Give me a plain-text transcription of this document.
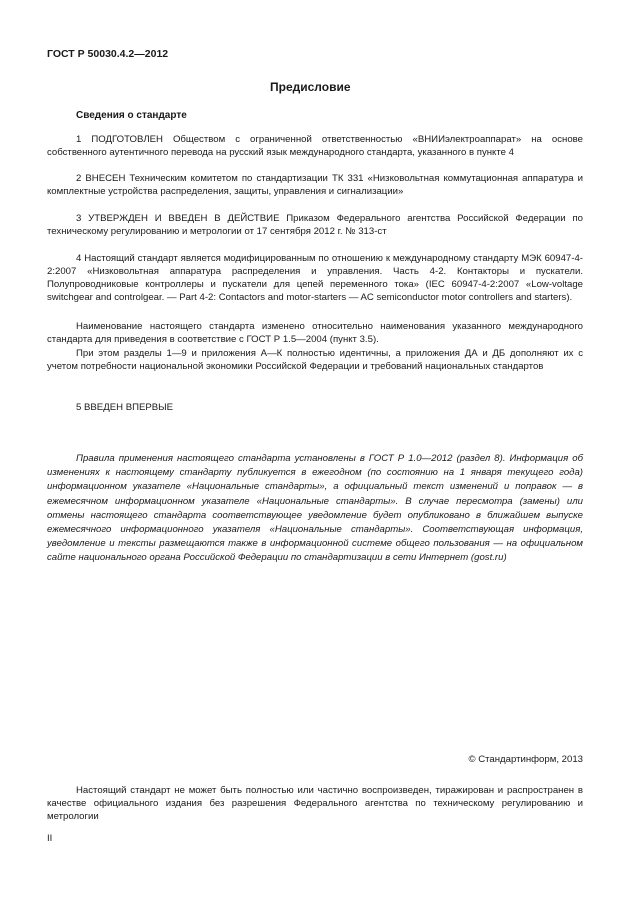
ГОСТ Р 50030.4.2—2012
Предисловие
Сведения о стандарте

1 ПОДГОТОВЛЕН Обществом с ограниченной ответственностью «ВНИИэлектроаппарат» на основе собственного аутентичного перевода на русский язык международного стандарта, указанного в пункте 4

2 ВНЕСЕН Техническим комитетом по стандартизации ТК 331 «Низковольтная коммутационная аппаратура и комплектные устройства распределения, защиты, управления и сигнализации»

3 УТВЕРЖДЕН И ВВЕДЕН В ДЕЙСТВИЕ Приказом Федерального агентства Российской Федерации по техническому регулированию и метрологии от 17 сентября 2012 г. № 313-ст

4 Настоящий стандарт является модифицированным по отношению к международному стандарту МЭК 60947-4-2:2007 «Низковольтная аппаратура распределения и управления. Часть 4-2. Контакторы и пускатели. Полупроводниковые контроллеры и пускатели для цепей переменного тока» (IEC 60947-4-2:2007 «Low-voltage switchgear and controlgear. — Part 4-2: Contactors and motor-starters — AC semiconductor motor controllers and starters).

Наименование настоящего стандарта изменено относительно наименования указанного международного стандарта для приведения в соответствие с ГОСТ Р 1.5—2004 (пункт 3.5).

При этом разделы 1—9 и приложения А—К полностью идентичны, а приложения ДА и ДБ дополняют их с учетом потребности национальной экономики Российской Федерации и требований национальных стандартов

5 ВВЕДЕН ВПЕРВЫЕ

Правила применения настоящего стандарта установлены в ГОСТ Р 1.0—2012 (раздел 8). Информация об изменениях к настоящему стандарту публикуется в ежегодном (по состоянию на 1 января текущего года) информационном указателе «Национальные стандарты», а официальный текст изменений и поправок — в ежемесячном информационном указателе «Национальные стандарты». В случае пересмотра (замены) или отмены настоящего стандарта соответствующее уведомление будет опубликовано в ближайшем выпуске ежемесячного информационного указателя «Национальные стандарты». Соответствующая информация, уведомление и тексты размещаются также в информационной системе общего пользования — на официальном сайте национального органа Российской Федерации по стандартизации в сети Интернет (gost.ru)

© Стандартинформ, 2013

Настоящий стандарт не может быть полностью или частично воспроизведен, тиражирован и распространен в качестве официального издания без разрешения Федерального агентства по техническому регулированию и метрологии

II
